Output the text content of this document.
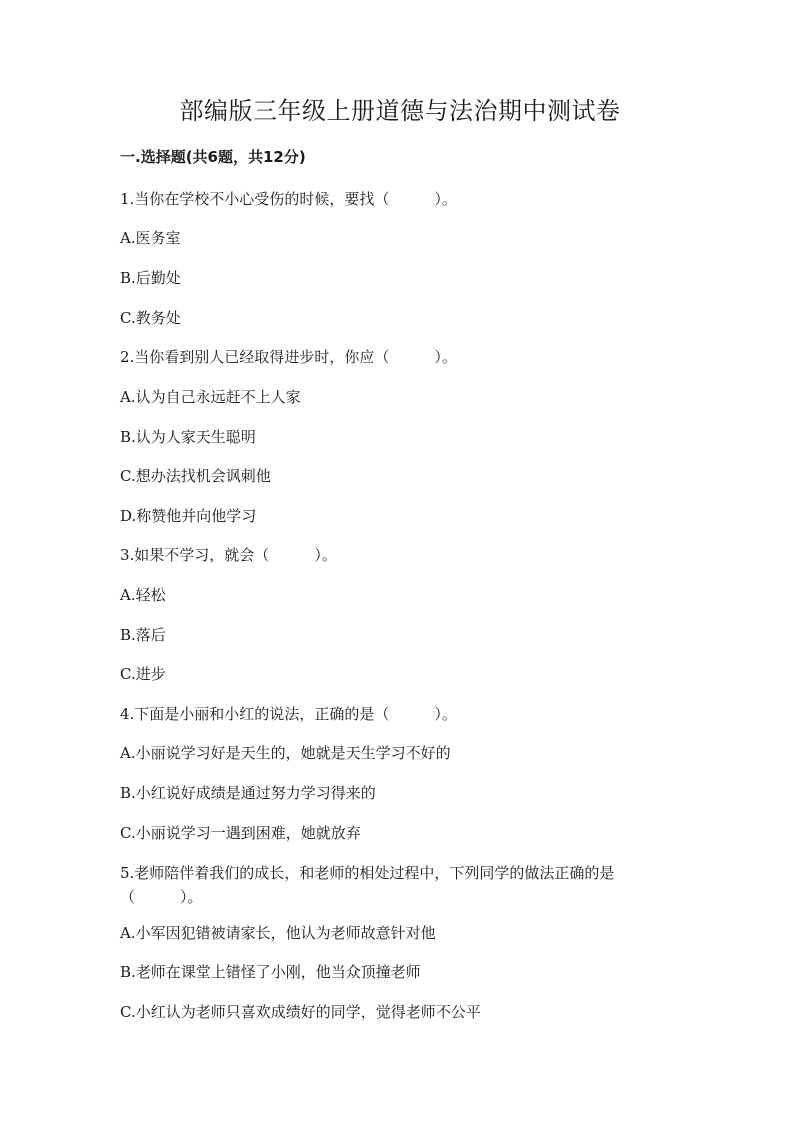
部编版三年级上册道德与法治期中测试卷
一.选择题(共6题，共12分)
1.当你在学校不小心受伤的时候，要找（　　　）。
A.医务室
B.后勤处
C.教务处
2.当你看到别人已经取得进步时，你应（　　　）。
A.认为自己永远赶不上人家
B.认为人家天生聪明
C.想办法找机会讽刺他
D.称赞他并向他学习
3.如果不学习，就会（　　　）。
A.轻松
B.落后
C.进步
4.下面是小丽和小红的说法，正确的是（　　　）。
A.小丽说学习好是天生的，她就是天生学习不好的
B.小红说好成绩是通过努力学习得来的
C.小丽说学习一遇到困难，她就放弃
5.老师陪伴着我们的成长，和老师的相处过程中，下列同学的做法正确的是（　　　）。
A.小军因犯错被请家长，他认为老师故意针对他
B.老师在课堂上错怪了小刚，他当众顶撞老师
C.小红认为老师只喜欢成绩好的同学，觉得老师不公平
